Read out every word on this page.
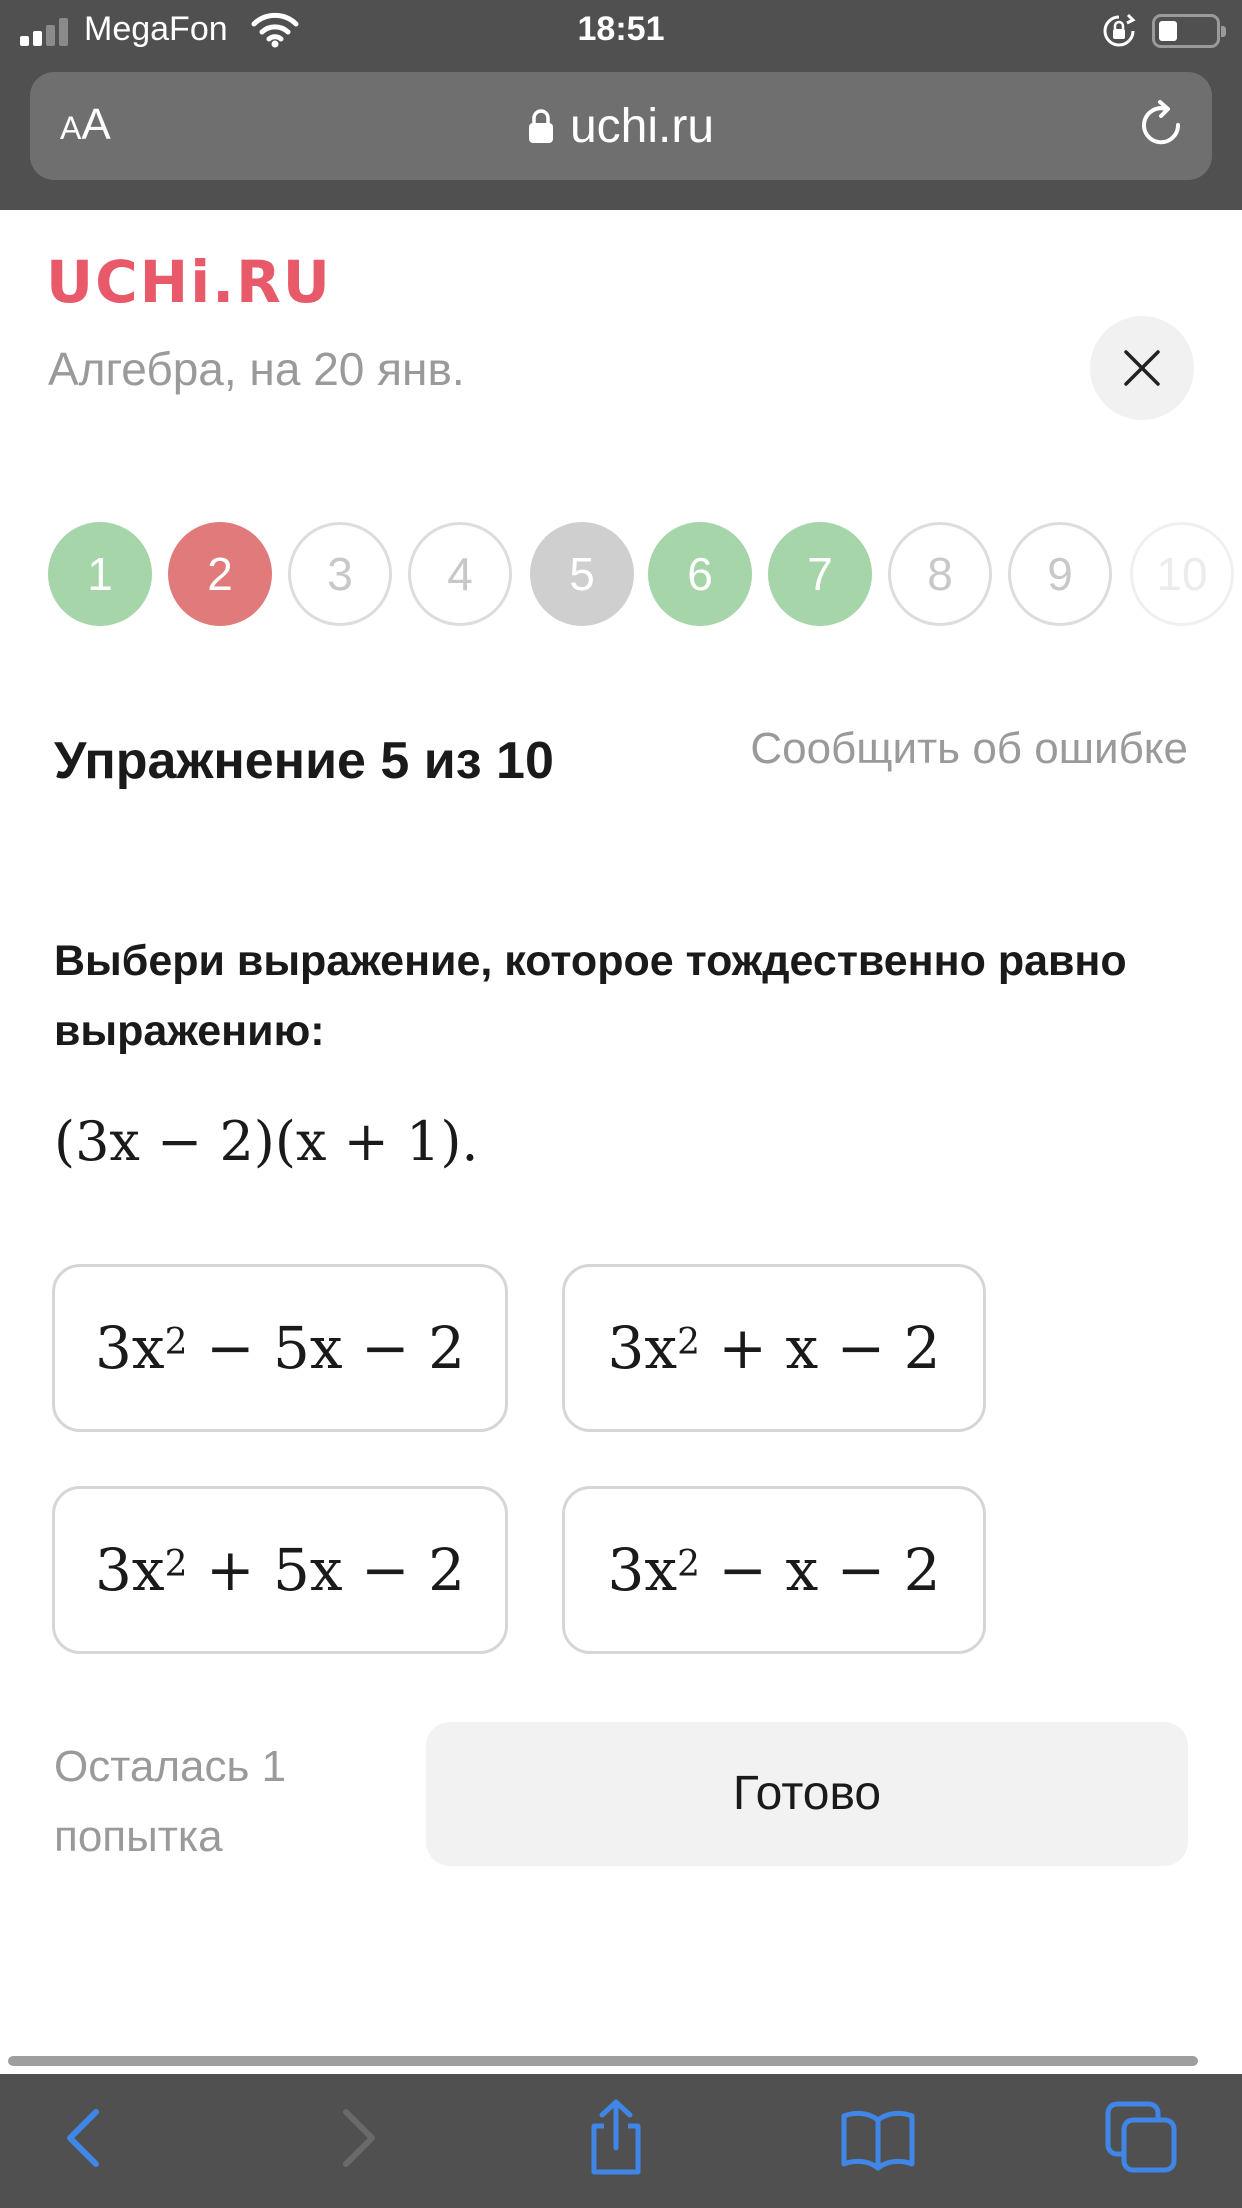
MegaFon	18:51
AA	uchi.ru
UCHi.RU
Алгебра, на 20 янв.
1	2	3	4	5	6	7	8	9	10
Упражнение 5 из 10	Сообщить об ошибке
Выбери выражение, которое тождественно равно выражению:
(3x − 2)(x + 1).
$3x^2 - 5x - 2$ $3x^2 + x - 2$
$3x^2 + 5x - 2$ $3x^2 - x - 2$
Осталась 1 попытка
Готово
